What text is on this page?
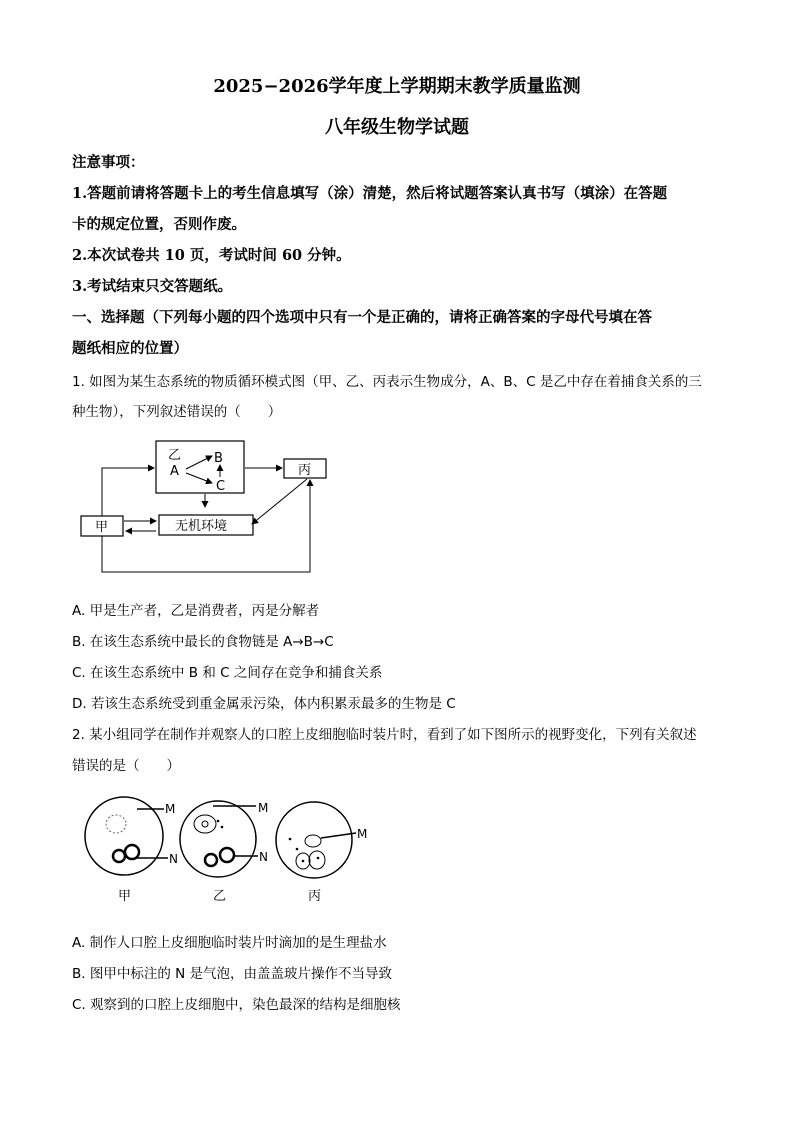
2025−2026学年度上学期期末教学质量监测
八年级生物学试题
注意事项：
1.答题前请将答题卡上的考生信息填写（涂）清楚，然后将试题答案认真书写（填涂）在答题
卡的规定位置，否则作废。
2.本次试卷共 10 页，考试时间 60 分钟。
3.考试结束只交答题纸。
一、选择题（下列每小题的四个选项中只有一个是正确的，请将正确答案的字母代号填在答
题纸相应的位置）
1. 如图为某生态系统的物质循环模式图（甲、乙、丙表示生物成分，A、B、C 是乙中存在着捕食关系的三
种生物），下列叙述错误的（　　）
乙
A
B
C
丙
无机环境
甲
A. 甲是生产者，乙是消费者，丙是分解者
B. 在该生态系统中最长的食物链是 A→B→C
C. 在该生态系统中 B 和 C 之间存在竞争和捕食关系
D. 若该生态系统受到重金属汞污染，体内积累汞最多的生物是 C
2. 某小组同学在制作并观察人的口腔上皮细胞临时装片时，看到了如下图所示的视野变化，下列有关叙述
错误的是（　　）
M
N
甲
M
N
乙
M
丙
A. 制作人口腔上皮细胞临时装片时滴加的是生理盐水
B. 图甲中标注的 N 是气泡，由盖盖玻片操作不当导致
C. 观察到的口腔上皮细胞中，染色最深的结构是细胞核
